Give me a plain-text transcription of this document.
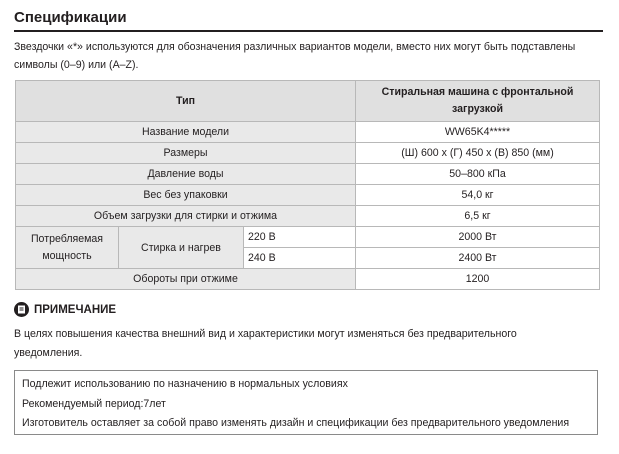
Спецификации
Звездочки «*» используются для обозначения различных вариантов модели, вместо них могут быть подставлены
символы (0–9) или (A–Z).
Тип			Стиральная машина с фронтальной
загрузкой

Название модели			WW65K4*****
Размеры			(Ш) 600 x (Г) 450 x (В) 850 (мм)
Давление воды			50–800 кПа
Вес без упаковки			54,0 кг
Объем загрузки для стирки и отжима			6,5 кг

Потребляемая
мощность	Стирка и нагрев	220 В	2000 Вт
		240 В	2400 Вт
Обороты при отжиме			1200
ПРИМЕЧАНИЕ
В целях повышения качества внешний вид и характеристики могут изменяться без предварительного
уведомления.
Подлежит использованию по назначению в нормальных условиях
Рекомендуемый период:7лет
Изготовитель оставляет за собой право изменять дизайн и спецификации без предварительного уведомления
